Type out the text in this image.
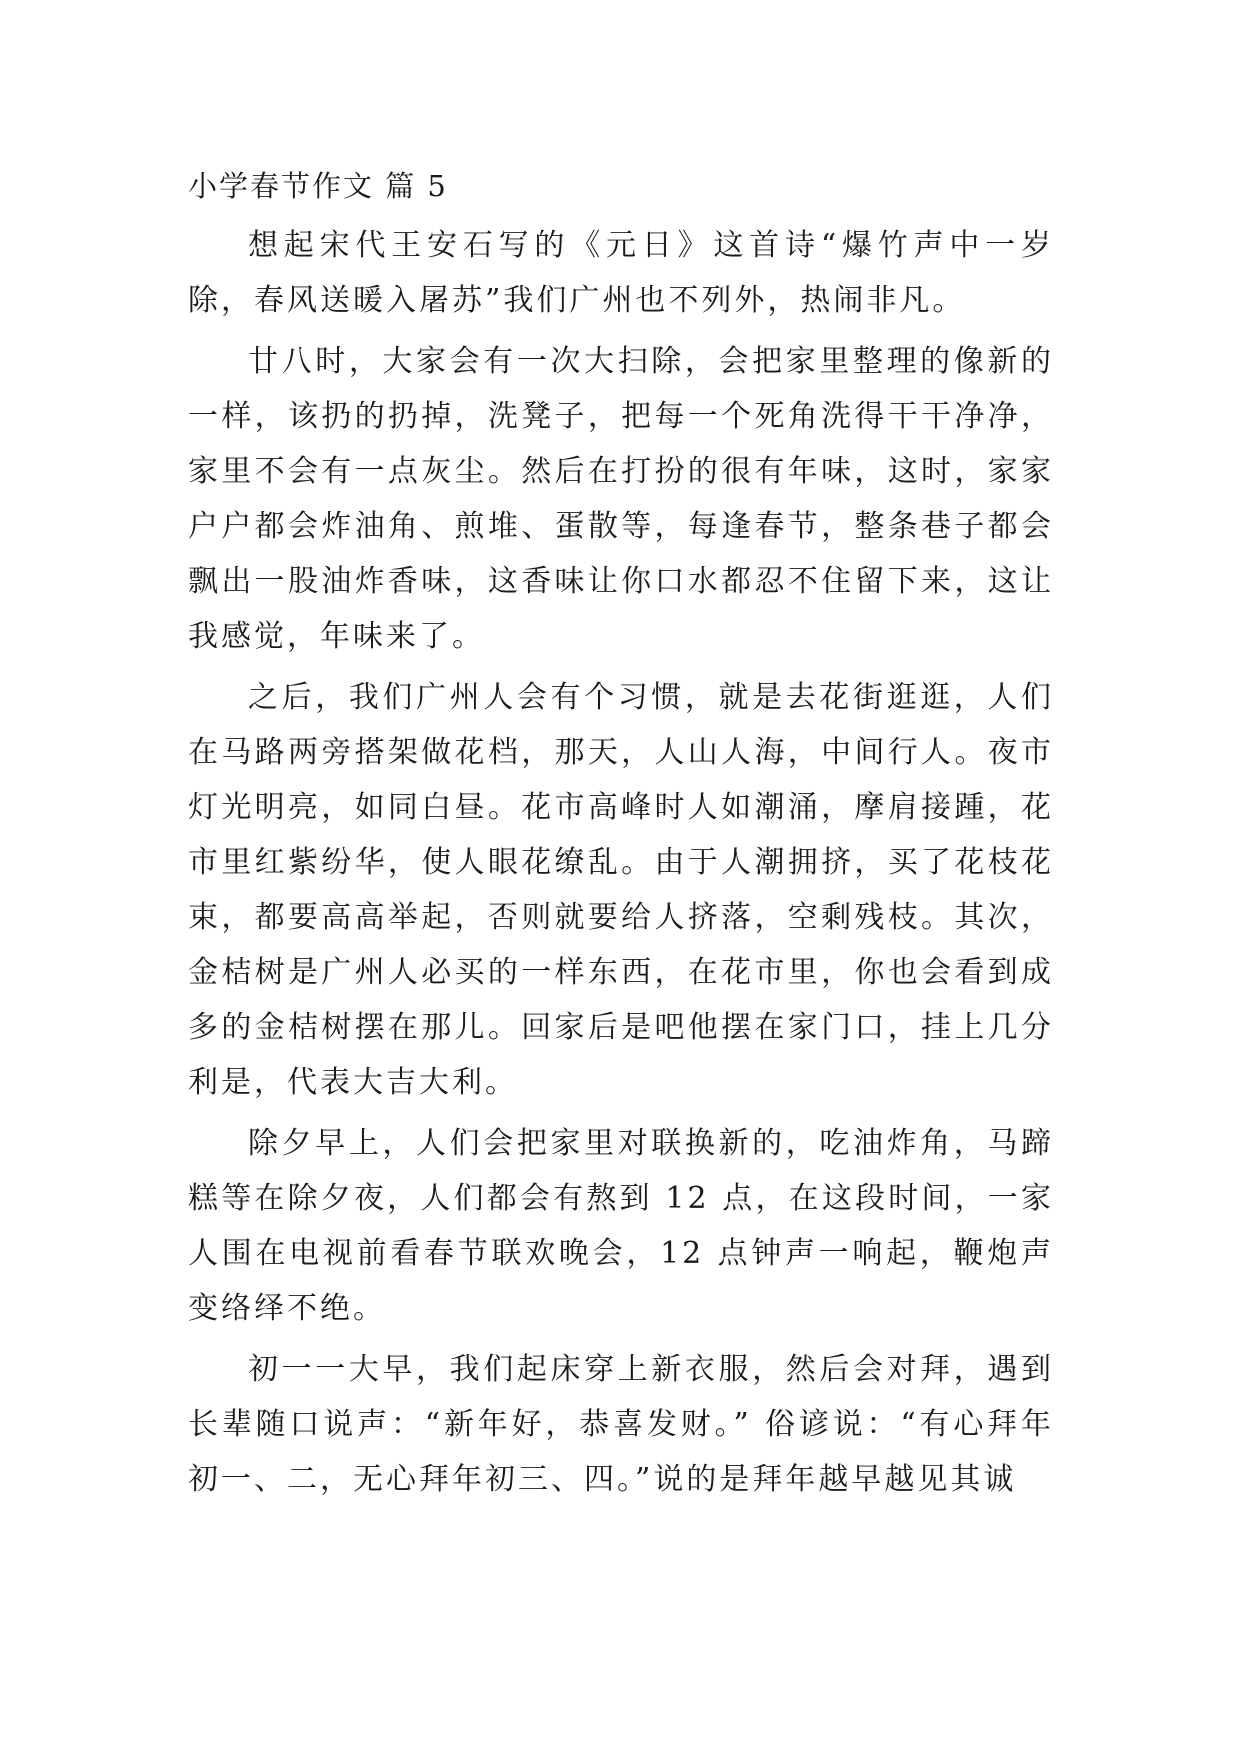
小学春节作文 篇 5

想起宋代王安石写的《元日》这首诗“爆竹声中一岁除，春风送暖入屠苏”我们广州也不列外，热闹非凡。

廿八时，大家会有一次大扫除，会把家里整理的像新的一样，该扔的扔掉，洗凳子，把每一个死角洗得干干净净，家里不会有一点灰尘。然后在打扮的很有年味，这时，家家户户都会炸油角、煎堆、蛋散等，每逢春节，整条巷子都会飘出一股油炸香味，这香味让你口水都忍不住留下来，这让我感觉，年味来了。

之后，我们广州人会有个习惯，就是去花街逛逛，人们在马路两旁搭架做花档，那天，人山人海，中间行人。夜市灯光明亮，如同白昼。花市高峰时人如潮涌，摩肩接踵，花市里红紫纷华，使人眼花缭乱。由于人潮拥挤，买了花枝花束，都要高高举起，否则就要给人挤落，空剩残枝。其次，金桔树是广州人必买的一样东西，在花市里，你也会看到成多的金桔树摆在那儿。回家后是吧他摆在家门口，挂上几分利是，代表大吉大利。

除夕早上，人们会把家里对联换新的，吃油炸角，马蹄糕等在除夕夜，人们都会有熬到 12 点，在这段时间，一家人围在电视前看春节联欢晚会，12 点钟声一响起，鞭炮声变络绎不绝。

初一一大早，我们起床穿上新衣服，然后会对拜，遇到长辈随口说声：“新年好，恭喜发财。” 俗谚说：“有心拜年初一、二，无心拜年初三、四。”说的是拜年越早越见其诚
